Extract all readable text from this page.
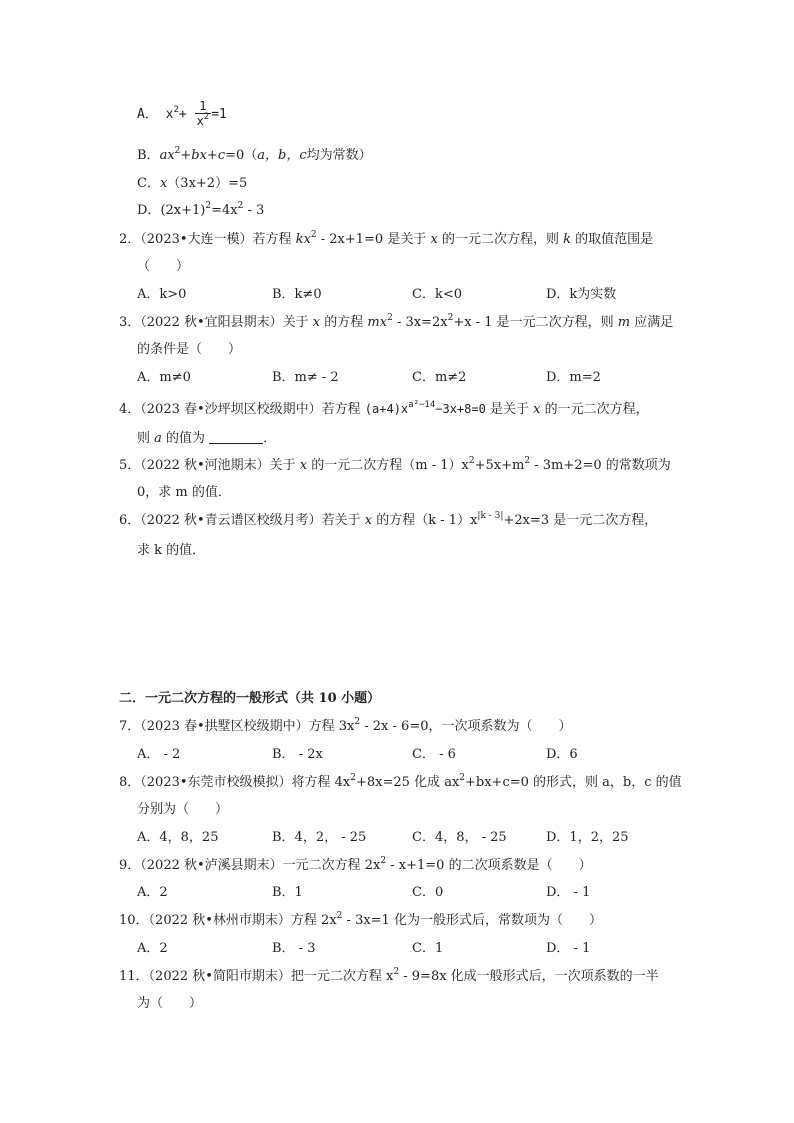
A． $x^2+ \frac{1}{x^2} =1$
B．$ax^2+bx+c=0(a$，b，c均为常数）
C．x（3x+2）=5
D．$(2x+1)^2=4x^2 - 3$
2．（2023•大连一模）若方程 $kx^2 - 2x+1=0$ 是关于 x 的一元二次方程，则 k 的取值范围是
（　　）
A．k>0	B．k≠0	C．k<0	D．k为实数
3．（2022 秋•宜阳县期末）关于 x 的方程 $mx^2 - 3x=2x^2+x - 1$ 是一元二次方程，则 m 应满足
的条件是（　　）
A．m≠0	B．m≠ - 2	C．m≠2	D．m=2
4．（2023 春•沙坪坝区校级期中）若方程 $(a+4)x^{a^2-14}-3x+8=0$ 是关于 x 的一元二次方程，
则 a 的值为	．
5．（2022 秋•河池期末）关于 x 的一元二次方程$(m - 1)x^2+5x+m^2 - 3m+2=0$ 的常数项为
0，求 m 的值．
6．（2022 秋•青云谱区校级月考）若关于 x 的方程$(k - 1)x^{|k - 3|}+2x=3$ 是一元二次方程，
求 k 的值．
二．一元二次方程的一般形式（共 10 小题）
7．（2023 春•拱墅区校级期中）方程 $3x^2 - 2x - 6=0$，一次项系数为（　　）
A． - 2	B． - 2x	C． - 6	D．6
8．（2023•东莞市校级模拟）将方程 $4x^2+8x=25$ 化成 $ax^2+bx+c=0$ 的形式，则 a，b，c 的值
分别为（　　）
A．4，8，25	B．4，2， - 25	C．4，8， - 25	D．1，2，25
9．（2022 秋•泸溪县期末）一元二次方程 $2x^2 - x+1=0$ 的二次项系数是（　　）
A．2	B．1	C．0	D． - 1
10．（2022 秋•林州市期末）方程 $2x^2 - 3x=1$ 化为一般形式后，常数项为（　　）
A．2	B． - 3	C．1	D． - 1
11．（2022 秋•简阳市期末）把一元二次方程 $x^2 - 9=8x$ 化成一般形式后，一次项系数的一半
为（　　）
